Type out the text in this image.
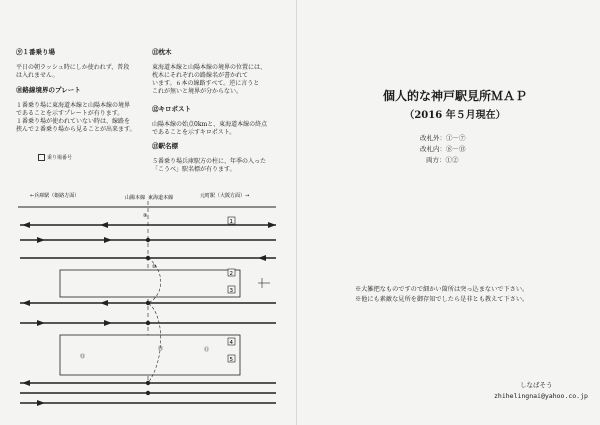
⑨１番乗り場

平日の朝ラッシュ時にしか使われず、普段
は入れません。

⑩路線境界のプレート

１番乗り場に東海道本線と山陽本線の境界
であることを示すプレートが有ります。
１番乗り場が使われていない時は、線路を
挟んで２番乗り場から見ることが出来ます。

⑪枕木

東海道本線と山陽本線の境界の位置には、
枕木にそれぞれの路線名が書かれて
います。６本の線路すべて。逆に言うと
これが無いと境界が分からない。

⑫キロポスト

山陽本線の始点0kmと、東海道本線の終点
であることを示すキロポスト。

⑬駅名標

５番乗り場兵庫駅方の柱に、年季の入った
「こうべ」駅名標が有ります。

乗り場番号
←兵庫駅（姫路方面）	元町駅（大阪方面）→
山陽本線 東海道本線
1
2
3
4
5
⑬
⑨
⑩
⑪	⑫
個人的な神戸駅見所ＭＡＰ
（2016 年５月現在）
改札外：①－⑦
改札内：⑧－⑬
両方：①②
※大雑把なものですので細かい箇所は突っ込まないで下さい。
※他にも素敵な見所を御存知でしたら是非とも教えて下さい。
しなばそう
zhihelingnai@yahoo.co.jp
